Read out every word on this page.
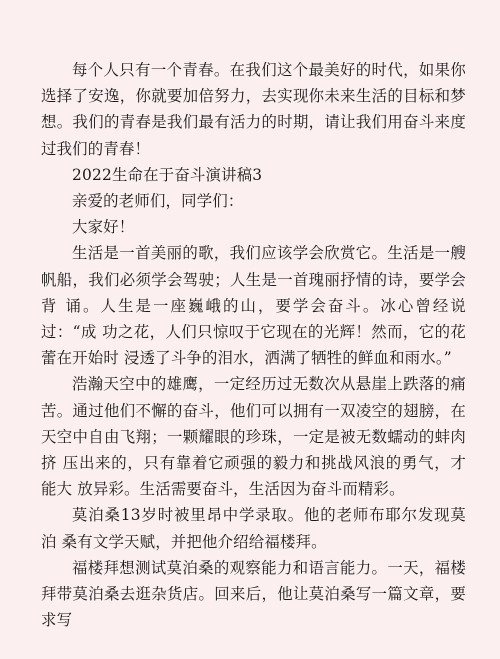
每个人只有一个青春。在我们这个最美好的时代，如果你 选择了安逸，你就要加倍努力，去实现你未来生活的目标和梦 想。我们的青春是我们最有活力的时期，请让我们用奋斗来度 过我们的青春！

2022生命在于奋斗演讲稿3

亲爱的老师们，同学们：

大家好！

生活是一首美丽的歌，我们应该学会欣赏它。生活是一艘 帆船，我们必须学会驾驶；人生是一首瑰丽抒情的诗，要学会背 诵。人生是一座巍峨的山，要学会奋斗。冰心曾经说过：“成 功之花，人们只惊叹于它现在的光辉！然而，它的花蕾在开始时 浸透了斗争的泪水，洒满了牺牲的鲜血和雨水。”

浩瀚天空中的雄鹰，一定经历过无数次从悬崖上跌落的痛 苦。通过他们不懈的奋斗，他们可以拥有一双凌空的翅膀，在 天空中自由飞翔；一颗耀眼的珍珠，一定是被无数蠕动的蚌肉挤 压出来的，只有靠着它顽强的毅力和挑战风浪的勇气，才能大 放异彩。生活需要奋斗，生活因为奋斗而精彩。

莫泊桑13岁时被里昂中学录取。他的老师布耶尔发现莫泊 桑有文学天赋，并把他介绍给福楼拜。

福楼拜想测试莫泊桑的观察能力和语言能力。一天，福楼 拜带莫泊桑去逛杂货店。回来后，他让莫泊桑写一篇文章，要 求写
